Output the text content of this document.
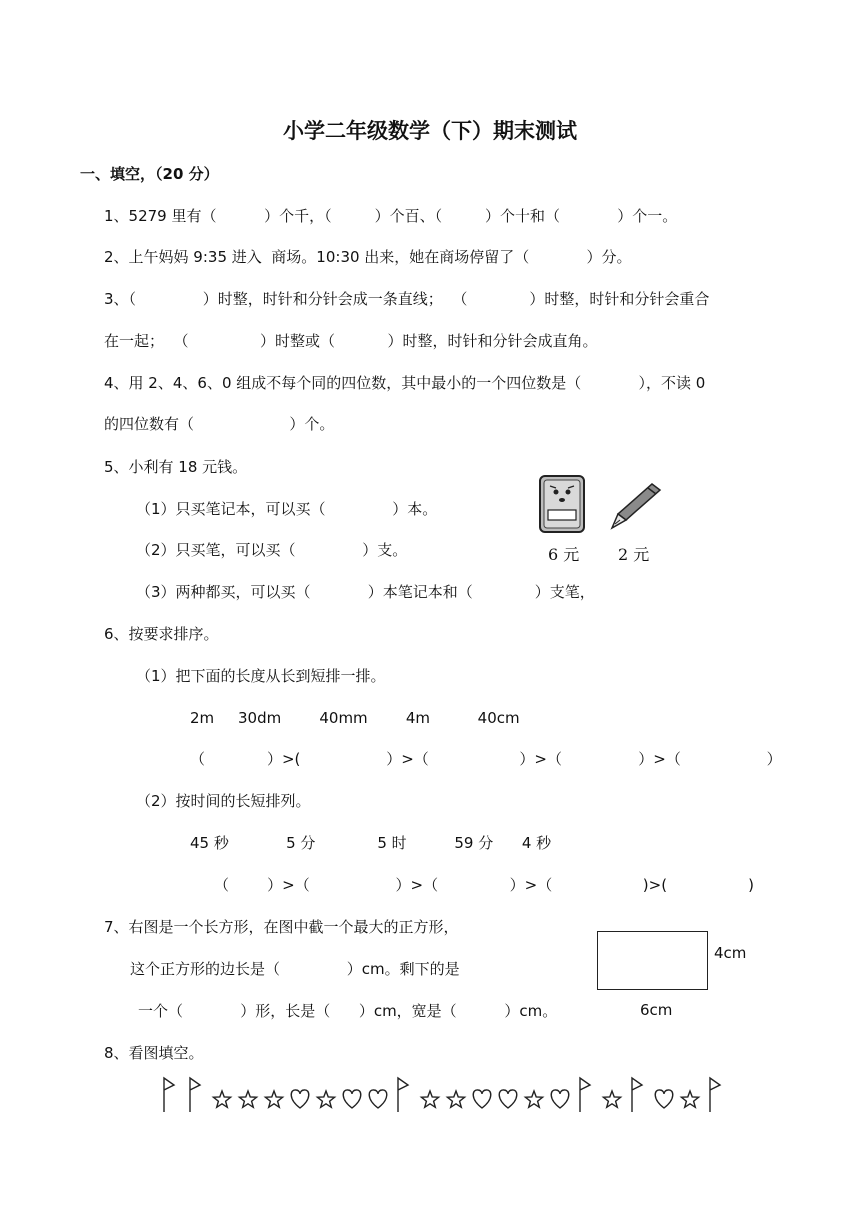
小学二年级数学（下）期末测试
一、填空，（20 分）
1、5279 里有（          ）个千，（         ）个百、（         ）个十和（            ）个一。
2、上午妈妈 9:35 进入  商场。10:30 出来，她在商场停留了（            ）分。
3、（              ）时整，时针和分针会成一条直线；  （             ）时整，时针和分针会重合
在一起；  （               ）时整或（           ）时整，时针和分针会成直角。
4、用 2、4、6、0 组成不每个同的四位数，其中最小的一个四位数是（            ），不读 0
的四位数有（                    ）个。
5、小利有 18 元钱。
（1）只买笔记本，可以买（              ）本。
（2）只买笔，可以买（              ）支。
（3）两种都买，可以买（            ）本笔记本和（             ）支笔，
6 元 2 元
6、按要求排序。
（1）把下面的长度从长到短排一排。
2m     30dm        40mm        4m          40cm
（             ）>(                  ）>（                   ）>（                ）>（                  ）
（2）按时间的长短排列。
45 秒            5 分             5 时          59 分      4 秒
（        ）>（                  ）>（               ）>（                   )>(                 )
7、右图是一个长方形，在图中截一个最大的正方形，
这个正方形的边长是（              ）cm。剩下的是
一个（            ）形，长是（      ）cm，宽是（          ）cm。
4cm
6cm
8、看图填空。
